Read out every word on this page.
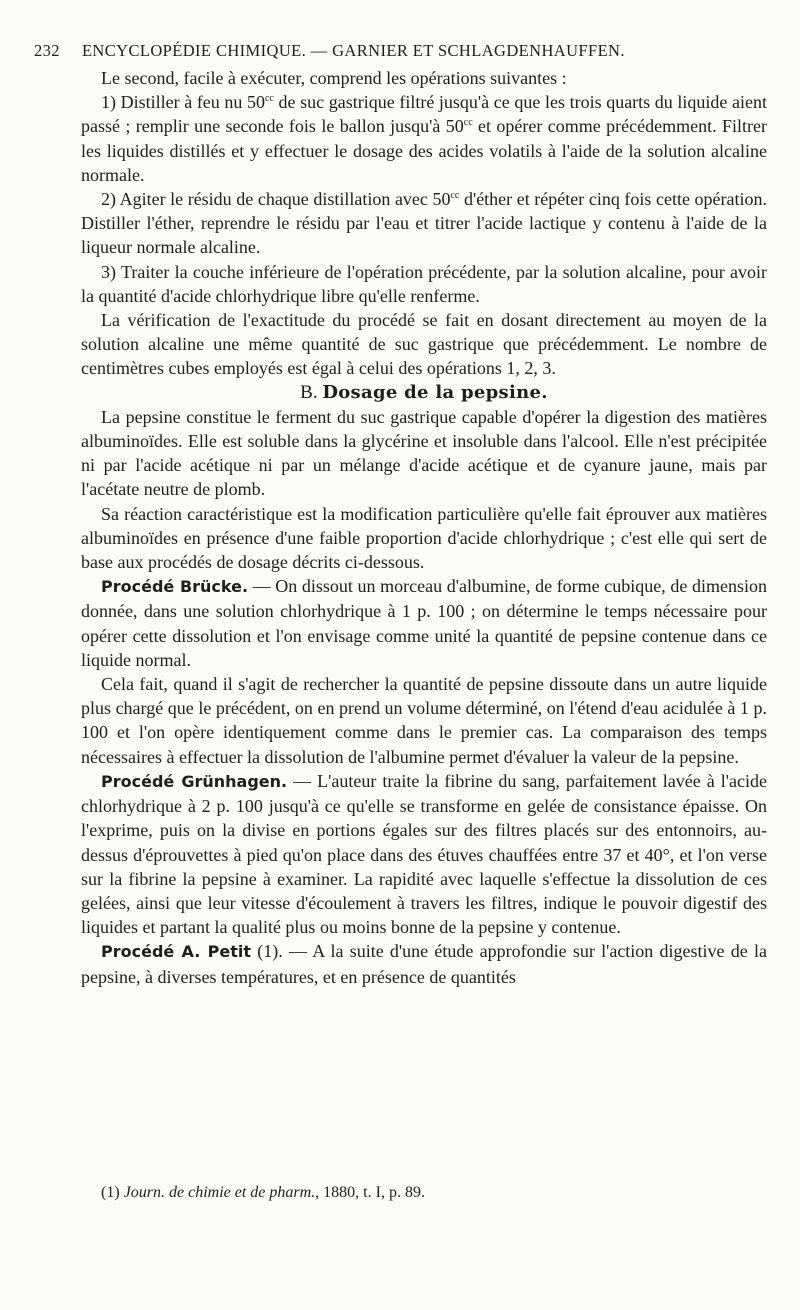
232 ENCYCLOPÉDIE CHIMIQUE. — GARNIER ET SCHLAGDENHAUFFEN.

Le second, facile à exécuter, comprend les opérations suivantes :

1) Distiller à feu nu $50^{cc}$ de suc gastrique filtré jusqu'à ce que les trois quarts du liquide aient passé ; remplir une seconde fois le ballon jusqu'à $50^{cc}$ et opérer comme précédemment. Filtrer les liquides distillés et y effectuer le dosage des acides volatils à l'aide de la solution alcaline normale.

2) Agiter le résidu de chaque distillation avec $50^{cc}$ d'éther et répéter cinq fois cette opération. Distiller l'éther, reprendre le résidu par l'eau et titrer l'acide lactique y contenu à l'aide de la liqueur normale alcaline.

3) Traiter la couche inférieure de l'opération précédente, par la solution alcaline, pour avoir la quantité d'acide chlorhydrique libre qu'elle renferme.

La vérification de l'exactitude du procédé se fait en dosant directement au moyen de la solution alcaline une même quantité de suc gastrique que précédemment. Le nombre de centimètres cubes employés est égal à celui des opérations 1, 2, 3.

B. Dosage de la pepsine.

La pepsine constitue le ferment du suc gastrique capable d'opérer la digestion des matières albuminoïdes. Elle est soluble dans la glycérine et insoluble dans l'alcool. Elle n'est précipitée ni par l'acide acétique ni par un mélange d'acide acétique et de cyanure jaune, mais par l'acétate neutre de plomb.

Sa réaction caractéristique est la modification particulière qu'elle fait éprouver aux matières albuminoïdes en présence d'une faible proportion d'acide chlorhydrique ; c'est elle qui sert de base aux procédés de dosage décrits ci-dessous.

Procédé Brücke. — On dissout un morceau d'albumine, de forme cubique, de dimension donnée, dans une solution chlorhydrique à 1 p. 100 ; on détermine le temps nécessaire pour opérer cette dissolution et l'on envisage comme unité la quantité de pepsine contenue dans ce liquide normal.

Cela fait, quand il s'agit de rechercher la quantité de pepsine dissoute dans un autre liquide plus chargé que le précédent, on en prend un volume déterminé, on l'étend d'eau acidulée à 1 p. 100 et l'on opère identiquement comme dans le premier cas. La comparaison des temps nécessaires à effectuer la dissolution de l'albumine permet d'évaluer la valeur de la pepsine.

Procédé Grünhagen. — L'auteur traite la fibrine du sang, parfaitement lavée à l'acide chlorhydrique à 2 p. 100 jusqu'à ce qu'elle se transforme en gelée de consistance épaisse. On l'exprime, puis on la divise en portions égales sur des filtres placés sur des entonnoirs, au-dessus d'éprouvettes à pied qu'on place dans des étuves chauffées entre 37 et 40°, et l'on verse sur la fibrine la pepsine à examiner. La rapidité avec laquelle s'effectue la dissolution de ces gelées, ainsi que leur vitesse d'écoulement à travers les filtres, indique le pouvoir digestif des liquides et partant la qualité plus ou moins bonne de la pepsine y contenue.

Procédé A. Petit (1). — A la suite d'une étude approfondie sur l'action digestive de la pepsine, à diverses températures, et en présence de quantités

(1) Journ. de chimie et de pharm., 1880, t. I, p. 89.
